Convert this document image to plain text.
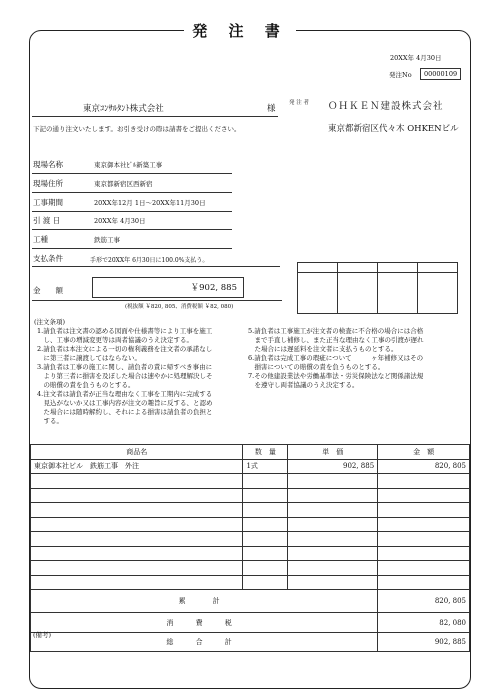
発 注 書
20XX年 4月30日
発注No	00000109
東京ｺﾝｻﾙﾀﾝﾄ株式会社	様
下記の通り注文いたします。お引き受けの際は請書をご提出ください。
発 注 者 ＯＨＫＥＮ建設株式会社
東京都新宿区代々木 OHKENビル
現場名称	東京御本社ﾋﾞﾙ新築工事
現場住所	東京都新宿区西新宿
工事期間	20XX年12月 1日～20XX年11月30日
引 渡 日	20XX年 4月30日
工種	鉄筋工事
支払条件	手形で20XX年 6月30日に100.0%支払う。
金　　額	￥902, 885
(税抜額 ￥820, 805、消費税額 ￥82, 080)

(注文条項)
1.請負者は注文書の認める図面や仕様書等により工事を施工
　し、工事の増減変更等は両者協議のうえ決定する。
2.請負者は本注文による一切の権利義務を注文者の承諾なし
　に第三者に譲渡してはならない。
3.請負者は工事の施工に関し、請負者の責に帰すべき事由に
　より第三者に損害を及ぼした場合は速やかに処理解決しそ
　の賠償の責を負うものとする。
4.注文者は請負者が正当な理由なく工事を工期内に完成する
　見込がないか又は工事内容が注文の趣旨に反する、と認め
　た場合には随時解約し、それによる損害は請負者の負担と
　する。
5.請負者は工事施工が注文者の検査に不合格の場合には合格
　まで手直し補修し、また正当な理由なく工事の引渡が遅れ
　た場合には遅延料を注文者に支払うものとする。
6.請負者は完成工事の瑕疵について　　　ヶ年補修又はその
　損害についての賠償の責を負うものとする。
7.その他建設業法や労働基準法・労災保険法など関係諸法規
　を遵守し両者協議のうえ決定する。
商品名	数　量	単　価	金　額
東京御本社ビル　鉄筋工事　外注	1式	902, 885	820, 805

累　計			820, 805
消 費 税			82, 080
総 合 計			902, 885
(備考)
